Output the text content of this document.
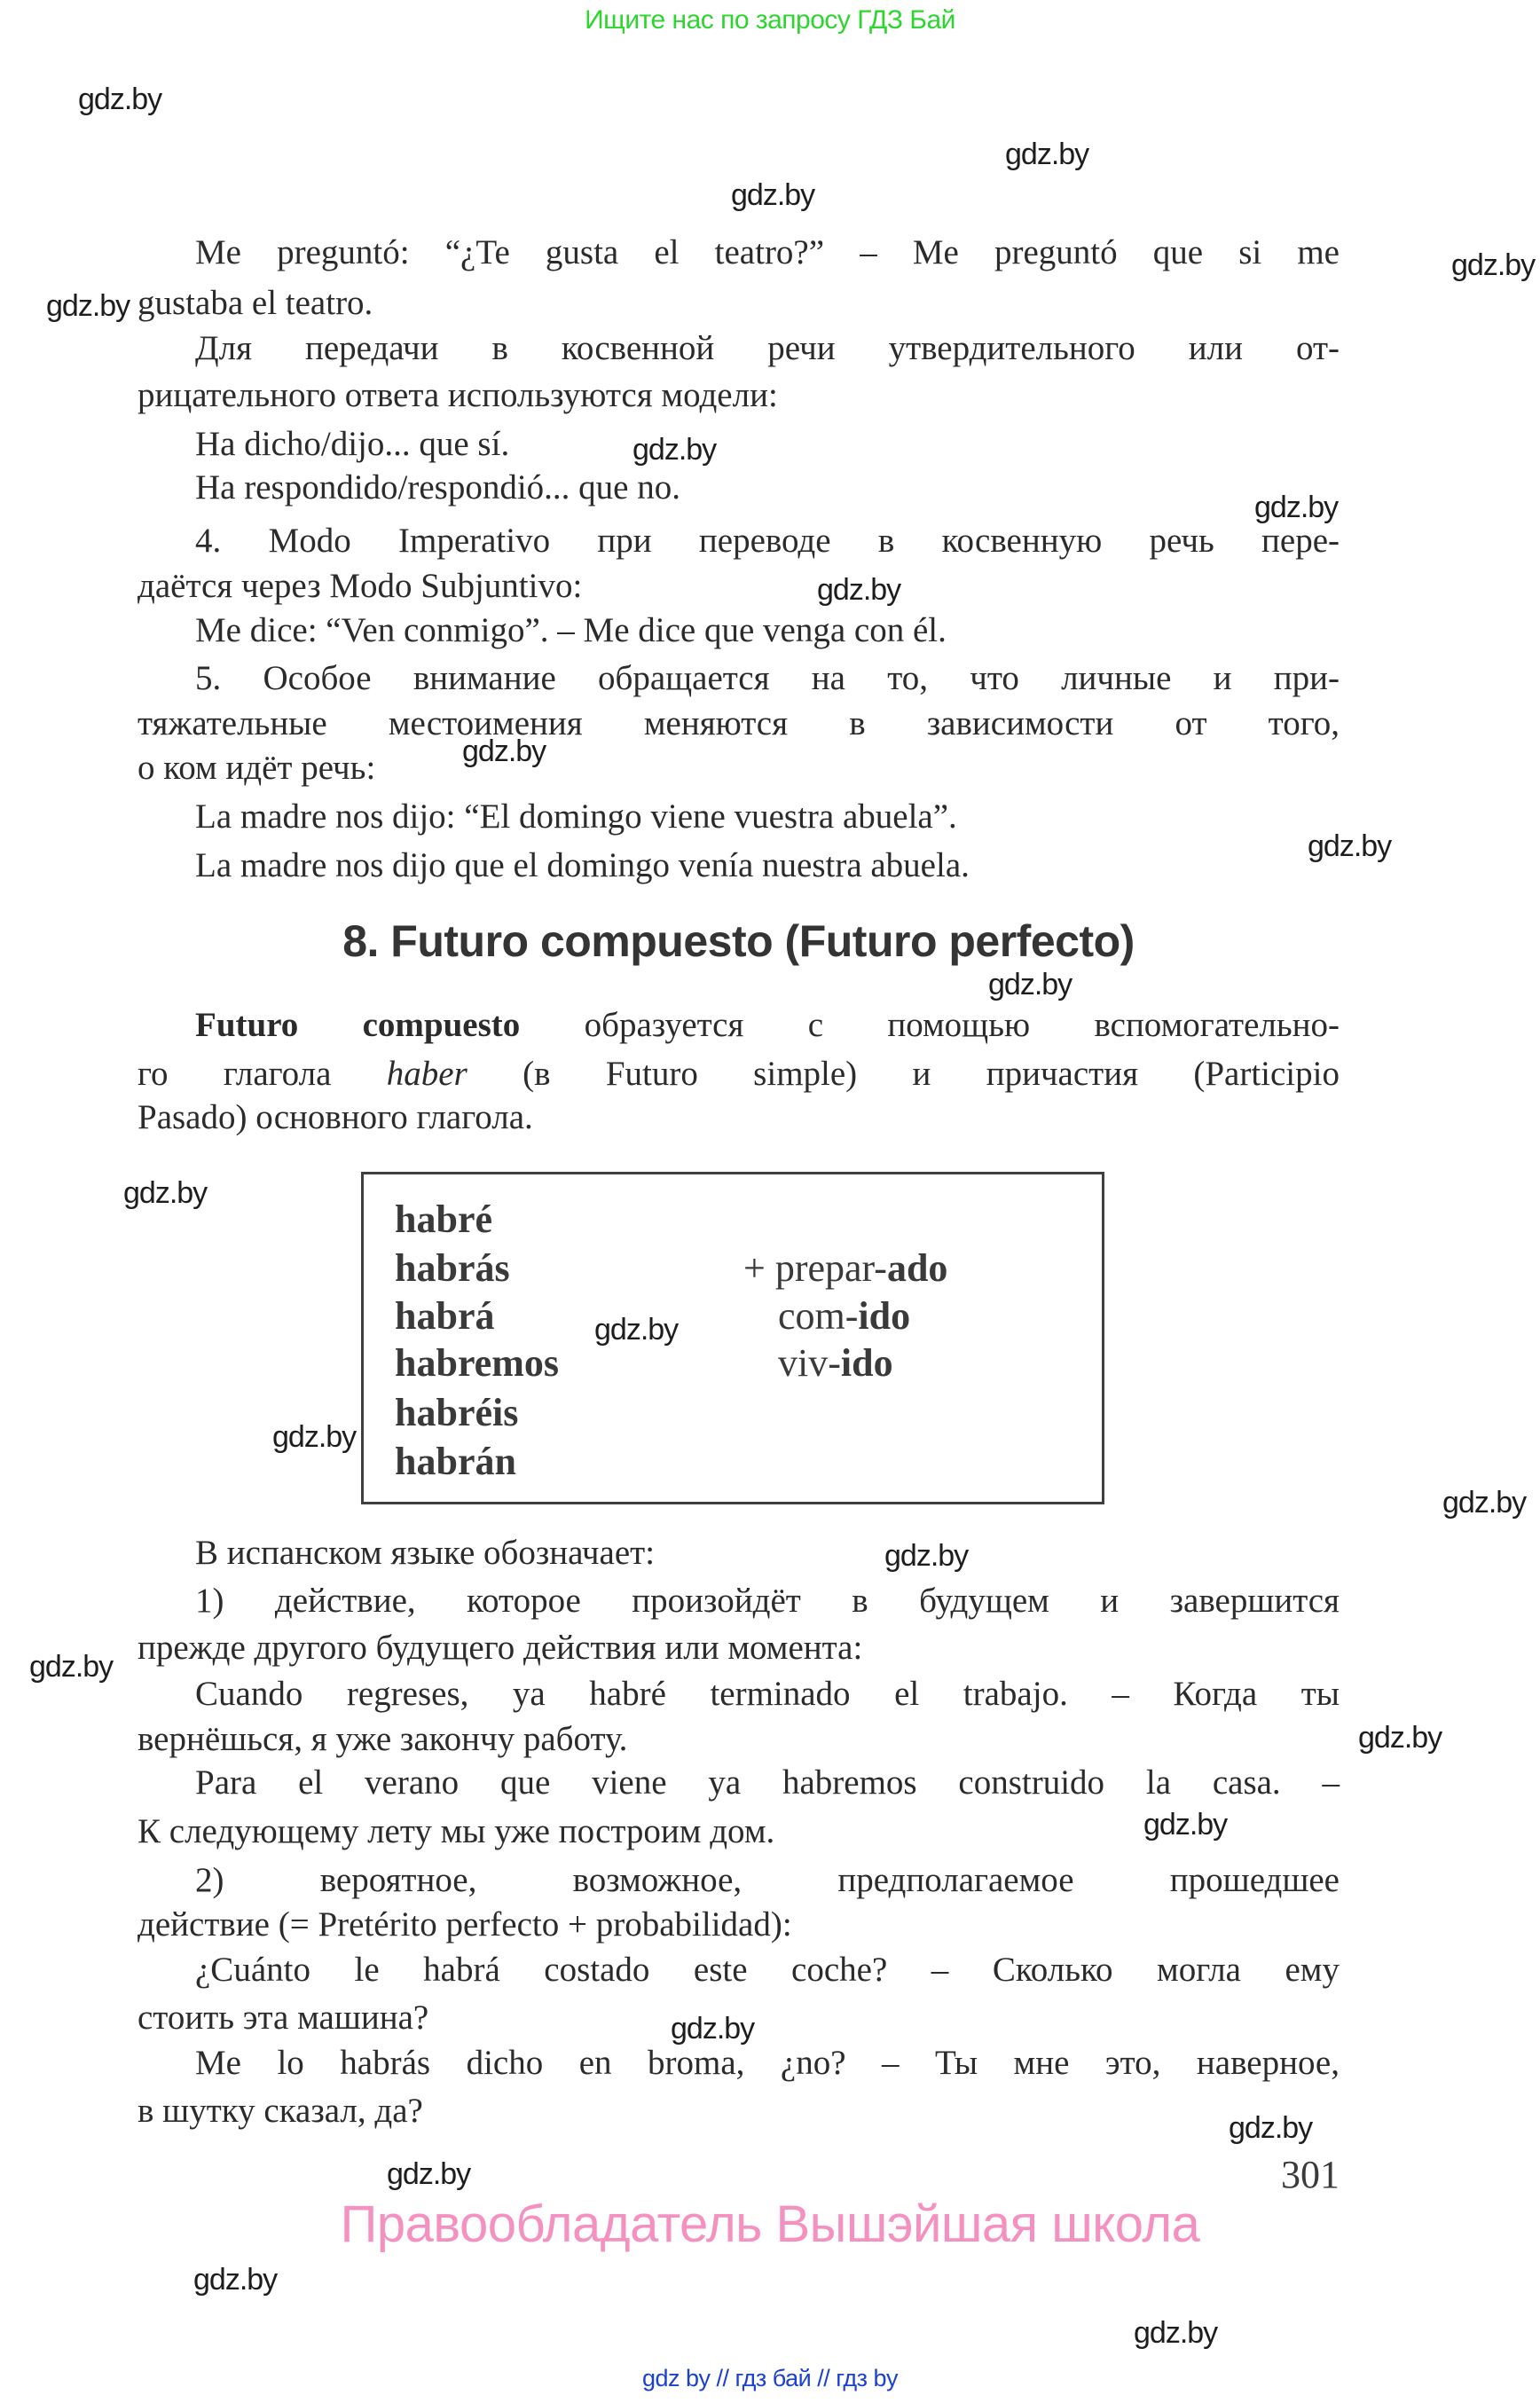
Ищите нас по запросу ГДЗ Бай
8. Futuro compuesto (Futuro perfecto)
Me preguntó: “¿Te gusta el teatro?” – Me preguntó que si me
gustaba el teatro.
Для передачи в косвенной речи утвердительного или от-
рицательного ответа используются модели:
Ha dicho/dijo... que sí.
Ha respondido/respondió... que no.
4. Modo Imperativo при переводе в косвенную речь пере-
даётся через Modo Subjuntivo:
Me dice: “Ven conmigo”. – Me dice que venga con él.
5. Особое внимание обращается на то, что личные и при-
тяжательные местоимения меняются в зависимости от того,
о ком идёт речь:
La madre nos dijo: “El domingo viene vuestra abuela”.
La madre nos dijo que el domingo venía nuestra abuela.
Futuro compuesto образуется с помощью вспомогательно-
го глагола haber (в Futuro simple) и причастия (Participio
Pasado) основного глагола.
habré
habrás
habrá
habremos
habréis
habrán
+ prepar-ado
com-ido
viv-ido
В испанском языке обозначает:
1) действие, которое произойдёт в будущем и завершится
прежде другого будущего действия или момента:
Cuando regreses, ya habré terminado el trabajo. – Когда ты
вернёшься, я уже закончу работу.
Para el verano que viene ya habremos construido la casa. –
К следующему лету мы уже построим дом.
2) вероятное, возможное, предполагаемое прошедшее
действие (= Pretérito perfecto + probabilidad):
¿Cuánto le habrá costado este coche? – Сколько могла ему
стоить эта машина?
Me lo habrás dicho en broma, ¿no? – Ты мне это, наверное,
в шутку сказал, да?
gdz.by
gdz.by
gdz.by
gdz.by
gdz.by
gdz.by
gdz.by
gdz.by
gdz.by
gdz.by
gdz.by
gdz.by
gdz.by
gdz.by
gdz.by
gdz.by
gdz.by
gdz.by
gdz.by
gdz.by
gdz.by
gdz.by
gdz.by
gdz.by
301
Правообладатель Вышэйшая школа
gdz by // гдз бай // гдз by
